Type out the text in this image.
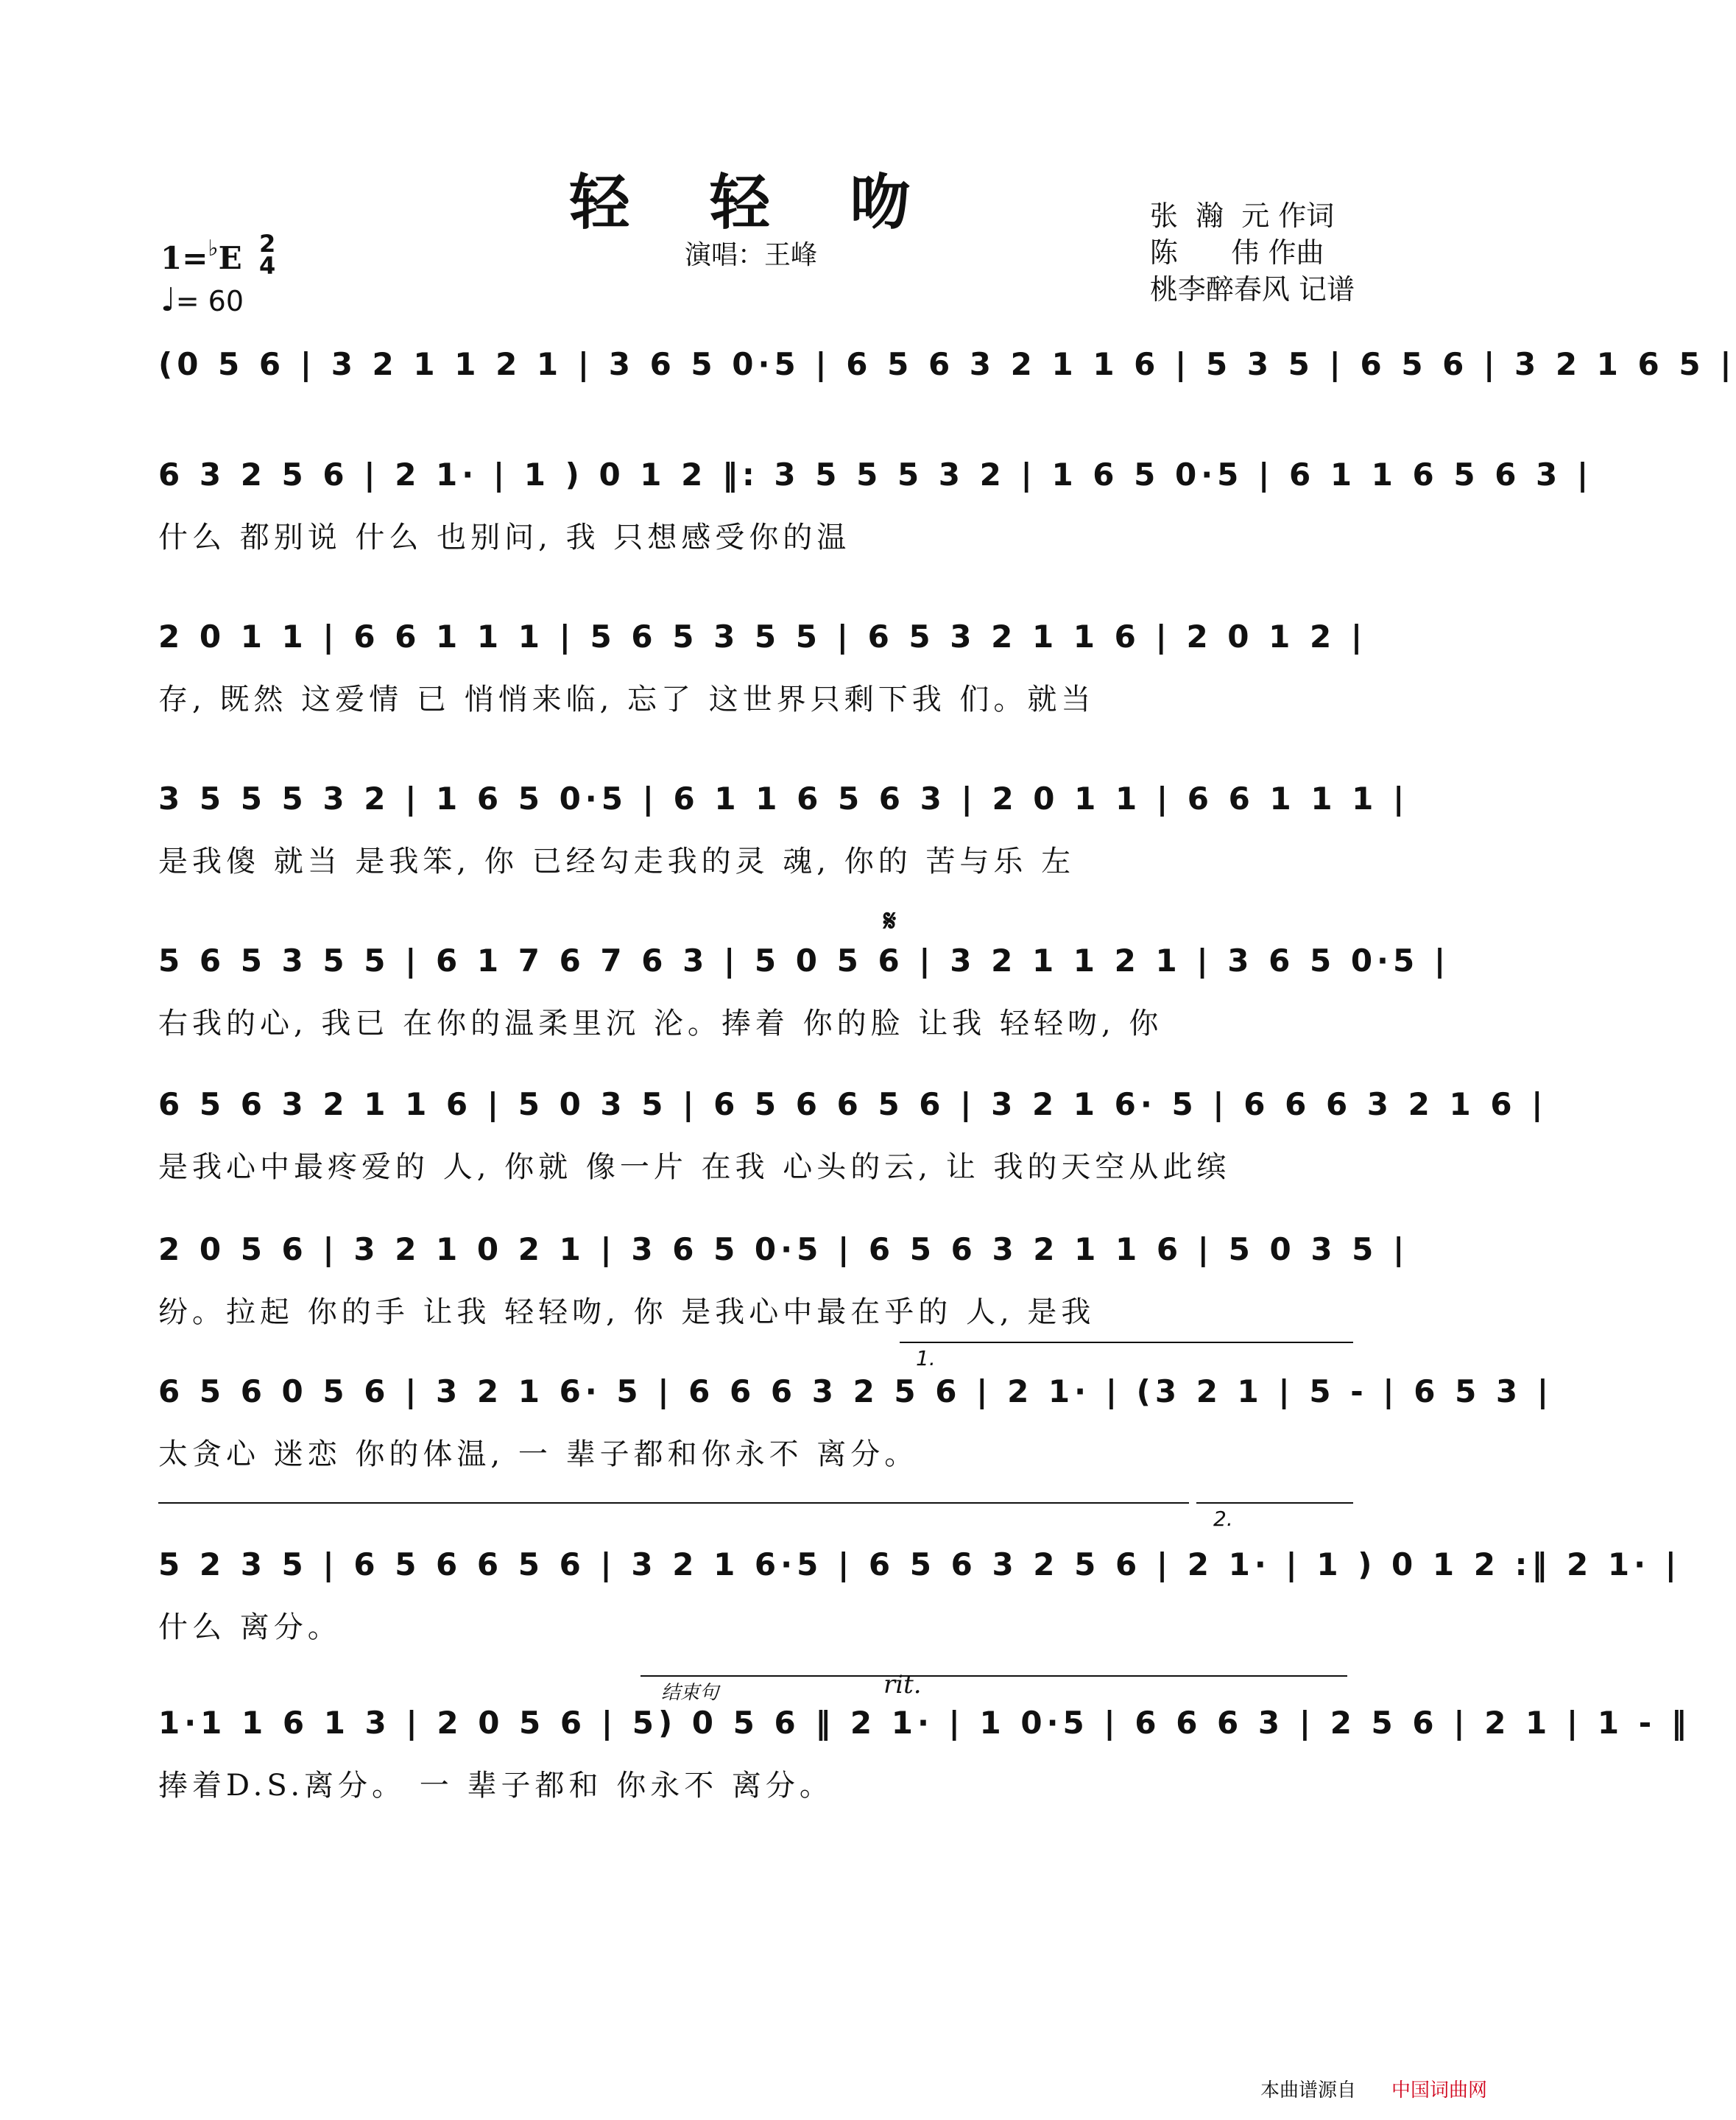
轻 轻 吻
演唱：王峰
张  瀚  元 作词
陈      伟 作曲
桃李醉春风 记谱
1=♭E 2
4
♩= 60
𝄋
rit.
1.
2.
结束句
(0 5 6 | 3 2 1 1 2 1 | 3 6 5 0·5 | 6 5 6 3 2 1 1 6 | 5 3 5 | 6 5 6 | 3 2 1 6 5 |
6 3 2 5 6 | 2 1· | 1 ) 0 1 2 ‖: 3 5 5 5 3 2 | 1 6 5 0·5 | 6 1 1 6 5 6 3 |
什么 都别说 什么 也别问, 我 只想感受你的温
2 0 1 1 | 6 6 1 1 1 | 5 6 5 3 5 5 | 6 5 3 2 1 1 6 | 2 0 1 2 |
存, 既然 这爱情 已 悄悄来临, 忘了 这世界只剩下我 们。就当
3 5 5 5 3 2 | 1 6 5 0·5 | 6 1 1 6 5 6 3 | 2 0 1 1 | 6 6 1 1 1 |
是我傻 就当 是我笨, 你 已经勾走我的灵 魂, 你的 苦与乐 左
5 6 5 3 5 5 | 6 1 7 6 7 6 3 | 5 0 5 6 | 3 2 1 1 2 1 | 3 6 5 0·5 |
右我的心, 我已 在你的温柔里沉 沦。捧着 你的脸 让我 轻轻吻, 你
6 5 6 3 2 1 1 6 | 5 0 3 5 | 6 5 6 6 5 6 | 3 2 1 6· 5 | 6 6 6 3 2 1 6 |
是我心中最疼爱的 人, 你就 像一片 在我 心头的云, 让 我的天空从此缤
2 0 5 6 | 3 2 1 0 2 1 | 3 6 5 0·5 | 6 5 6 3 2 1 1 6 | 5 0 3 5 |
纷。拉起 你的手 让我 轻轻吻, 你 是我心中最在乎的 人, 是我
6 5 6 0 5 6 | 3 2 1 6· 5 | 6 6 6 3 2 5 6 | 2 1· | (3 2 1 | 5 - | 6 5 3 |
太贪心 迷恋 你的体温, 一 辈子都和你永不 离分。
5 2 3 5 | 6 5 6 6 5 6 | 3 2 1 6·5 | 6 5 6 3 2 5 6 | 2 1· | 1 ) 0 1 2 :‖ 2 1· |
什么 离分。
1·1 1 6 1 3 | 2 0 5 6 | 5) 0 5 6 ‖ 2 1· | 1 0·5 | 6 6 6 3 | 2 5 6 | 2 1 | 1 - ‖
捧着D.S.离分。 一 辈子都和 你永不 离分。
本曲谱源自 中国词曲网
